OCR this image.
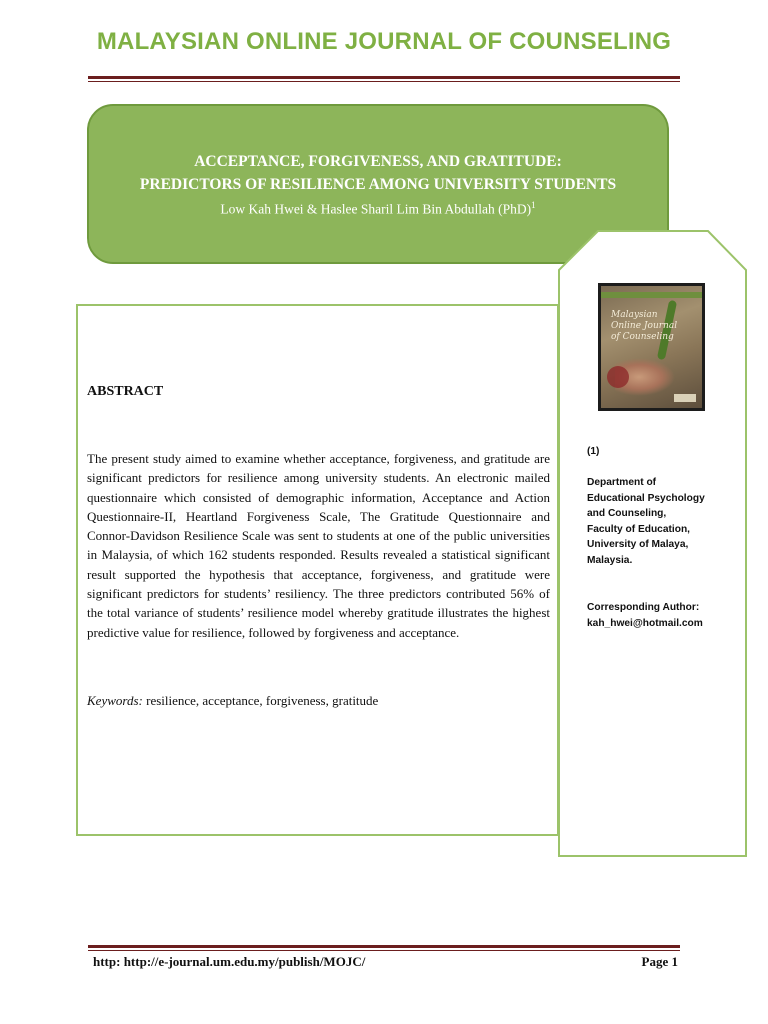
MALAYSIAN ONLINE JOURNAL OF COUNSELING
ACCEPTANCE, FORGIVENESS, AND GRATITUDE:
PREDICTORS OF RESILIENCE AMONG UNIVERSITY STUDENTS
Low Kah Hwei & Haslee Sharil Lim Bin Abdullah (PhD)$^1$
Malaysian Online Journal of Counseling
(1)
Department of
Educational Psychology
and Counseling,
Faculty of Education,
University of Malaya,
Malaysia.
Corresponding Author:
kah_hwei@hotmail.com
ABSTRACT
The present study aimed to examine whether acceptance, forgiveness, and gratitude are significant predictors for resilience among university students. An electronic mailed questionnaire which consisted of demographic information, Acceptance and Action Questionnaire-II, Heartland Forgiveness Scale, The Gratitude Questionnaire and Connor-Davidson Resilience Scale was sent to students at one of the public universities in Malaysia, of which 162 students responded. Results revealed a statistical significant result supported the hypothesis that acceptance, forgiveness, and gratitude were significant predictors for students’ resiliency. The three predictors contributed 56% of the total variance of students’ resilience model whereby gratitude illustrates the highest predictive value for resilience, followed by forgiveness and acceptance.
Keywords: resilience, acceptance, forgiveness, gratitude
http: http://e-journal.um.edu.my/publish/MOJC/	Page 1
